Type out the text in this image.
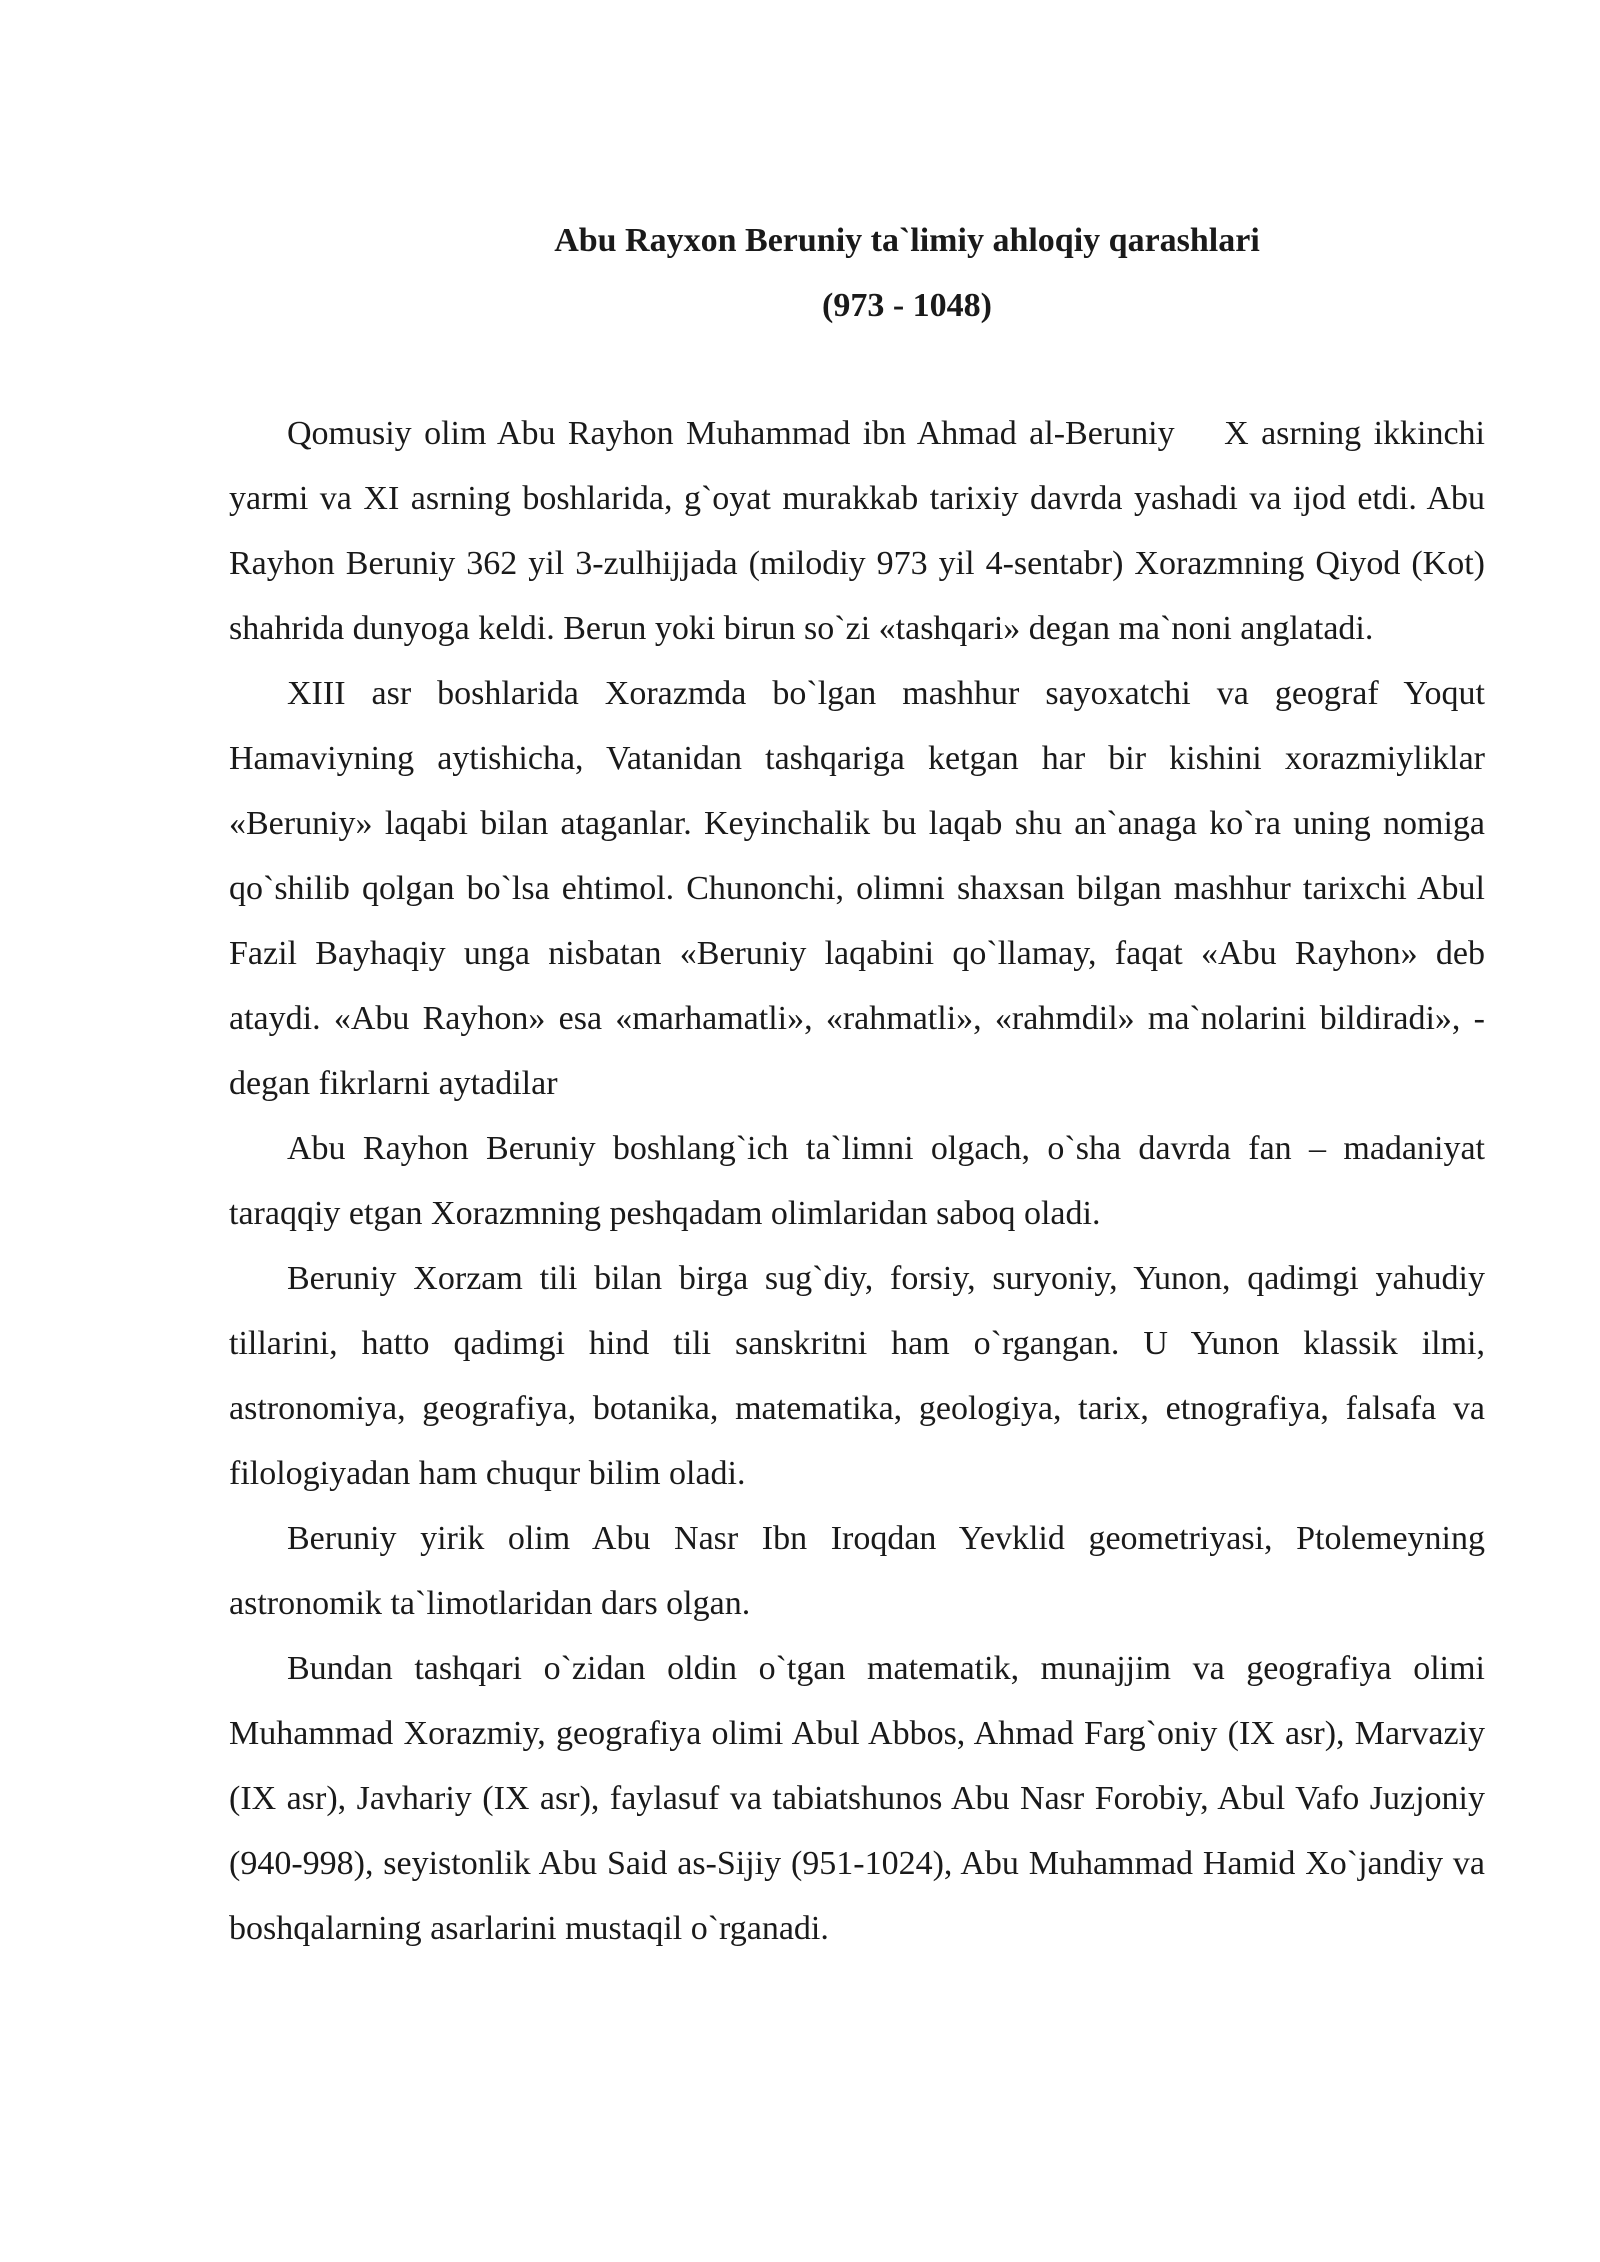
Abu Rayxon Beruniy ta`limiy ahloqiy qarashlari

(973 - 1048)

Qomusiy olim Abu Rayhon Muhammad ibn Ahmad al-Beruniy    X asrning ikkinchi yarmi va XI asrning boshlarida, g`oyat murakkab tarixiy davrda yashadi va ijod etdi. Abu Rayhon Beruniy 362 yil 3-zulhijjada (milodiy 973 yil 4-sentabr) Xorazmning Qiyod (Kot) shahrida dunyoga keldi. Berun yoki birun so`zi «tashqari» degan ma`noni anglatadi.

XIII asr boshlarida Xorazmda bo`lgan mashhur sayoxatchi va geograf Yoqut Hamaviyning aytishicha, Vatanidan tashqariga ketgan har bir kishini xorazmiyliklar «Beruniy» laqabi bilan ataganlar. Keyinchalik bu laqab shu an`anaga ko`ra uning nomiga qo`shilib qolgan bo`lsa ehtimol. Chunonchi, olimni shaxsan bilgan mashhur tarixchi Abul Fazil Bayhaqiy unga nisbatan «Beruniy laqabini qo`llamay, faqat «Abu Rayhon» deb ataydi. «Abu Rayhon» esa «marhamatli», «rahmatli», «rahmdil» ma`nolarini bildiradi», - degan fikrlarni aytadilar

Abu Rayhon Beruniy boshlang`ich ta`limni olgach, o`sha davrda fan – madaniyat taraqqiy etgan Xorazmning peshqadam olimlaridan saboq oladi.

Beruniy Xorzam tili bilan birga sug`diy, forsiy, suryoniy, Yunon, qadimgi yahudiy tillarini, hatto qadimgi hind tili sanskritni ham o`rgangan. U Yunon klassik ilmi, astronomiya, geografiya, botanika, matematika, geologiya, tarix, etnografiya, falsafa va filologiyadan ham chuqur bilim oladi.

Beruniy yirik olim Abu Nasr Ibn Iroqdan Yevklid geometriyasi, Ptolemeyning astronomik ta`limotlaridan dars olgan.

Bundan tashqari o`zidan oldin o`tgan matematik, munajjim va geografiya olimi Muhammad Xorazmiy, geografiya olimi Abul Abbos, Ahmad Farg`oniy (IX asr), Marvaziy (IX asr), Javhariy (IX asr), faylasuf va tabiatshunos Abu Nasr Forobiy, Abul Vafo Juzjoniy (940-998), seyistonlik Abu Said as-Sijiy (951-1024), Abu Muhammad Hamid Xo`jandiy va boshqalarning asarlarini mustaqil o`rganadi.
